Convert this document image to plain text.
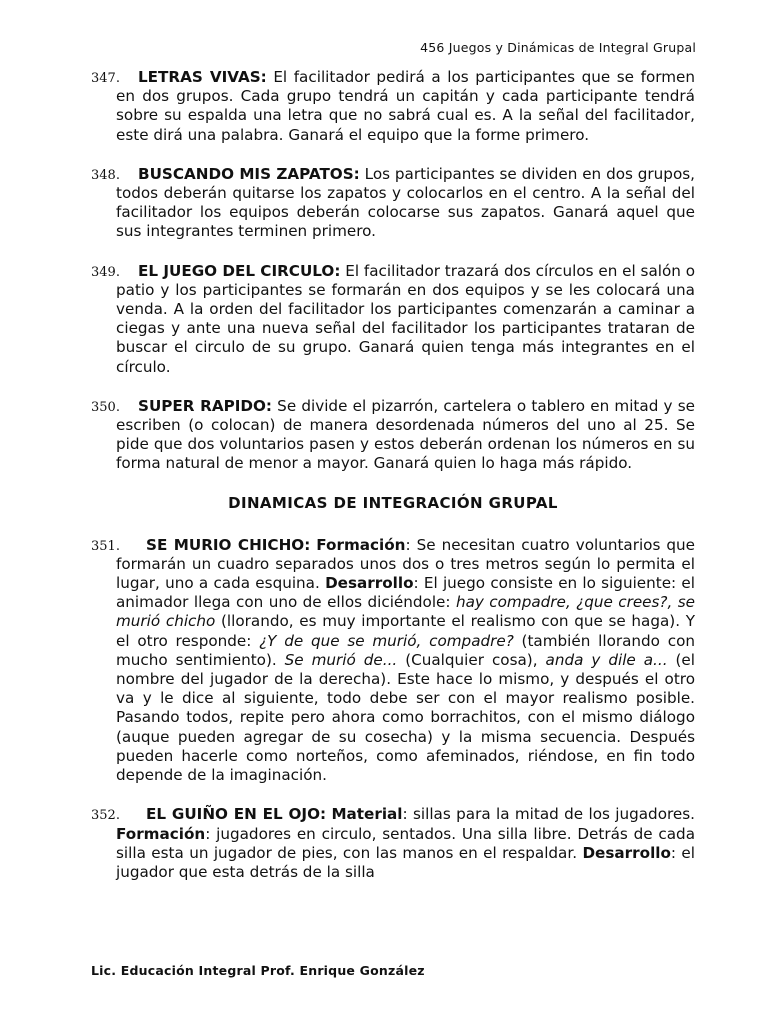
456 Juegos y Dinámicas de Integral Grupal

347 . LETRAS VIVAS: El facilitador pedirá a los participantes que se formen en dos grupos. Cada grupo tendrá un capitán y cada participante tendrá sobre su espalda una letra que no sabrá cual es. A la señal del facilitador, este dirá una palabra. Ganará el equipo que la forme primero.

348 . BUSCANDO MIS ZAPATOS: Los participantes se dividen en dos grupos, todos deberán quitarse los zapatos y colocarlos en el centro. A la señal del facilitador los equipos deberán colocarse sus zapatos. Ganará aquel que sus integrantes terminen primero.

349 . EL JUEGO DEL CIRCULO: El facilitador trazará dos círculos en el salón o patio y los participantes se formarán en dos equipos y se les colocará una venda. A la orden del facilitador los participantes comenzarán a caminar a ciegas y ante una nueva señal del facilitador los participantes trataran de buscar el circulo de su grupo. Ganará quien tenga más integrantes en el círculo.

350 . SUPER RAPIDO: Se divide el pizarrón, cartelera o tablero en mitad y se escriben (o colocan) de manera desordenada números del uno al 25. Se pide que dos voluntarios pasen y estos deberán ordenan los números en su forma natural de menor a mayor. Ganará quien lo haga más rápido.

DINAMICAS DE INTEGRACIÓN GRUPAL

351 . SE MURIO CHICHO: Formación: Se necesitan cuatro voluntarios que formarán un cuadro separados unos dos o tres metros según lo permita el lugar, uno a cada esquina. Desarrollo: El juego consiste en lo siguiente: el animador llega con uno de ellos diciéndole: hay compadre, ¿que crees?, se murió chicho (llorando, es muy importante el realismo con que se haga). Y el otro responde: ¿Y de que se murió, compadre? (también llorando con mucho sentimiento). Se murió de... (Cualquier cosa), anda y dile a... (el nombre del jugador de la derecha). Este hace lo mismo, y después el otro va y le dice al siguiente, todo debe ser con el mayor realismo posible. Pasando todos, repite pero ahora como borrachitos, con el mismo diálogo (auque pueden agregar de su cosecha) y la misma secuencia. Después pueden hacerle como norteños, como afeminados, riéndose, en fin todo depende de la imaginación.

352 . EL GUIÑO EN EL OJO: Material: sillas para la mitad de los jugadores. Formación: jugadores en circulo, sentados. Una silla libre. Detrás de cada silla esta un jugador de pies, con las manos en el respaldar. Desarrollo: el jugador que esta detrás de la silla

Lic. Educación Integral Prof. Enrique González
